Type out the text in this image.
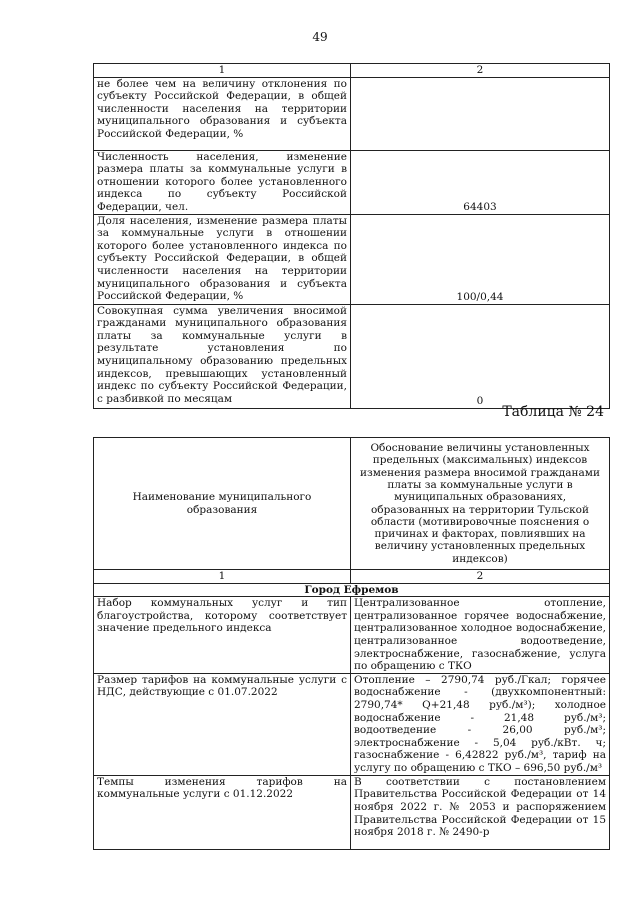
49
1	2
не более чем на величину отклонения по субъекту Российской Федерации, в общей численности населения на территории муниципального образования и субъекта Российской Федерации, %	
Численность населения, изменение размера платы за коммунальные услуги в отношении которого более установленного индекса по субъекту Российской Федерации, чел.	64403
Доля населения, изменение размера платы за коммунальные услуги в отношении которого более установленного индекса по субъекту Российской Федерации, в общей численности населения на территории муниципального образования и субъекта Российской Федерации, %	100/0,44
Совокупная сумма увеличения вносимой гражданами муниципального образования платы за коммунальные услуги в результате установления по муниципальному образованию предельных индексов, превышающих установленный индекс по субъекту Российской Федерации, с разбивкой по месяцам	0
Таблица № 24
Наименование муниципального образования	Обоснование величины установленных предельных (максимальных) индексов изменения размера вносимой гражданами платы за коммунальные услуги в муниципальных образованиях, образованных на территории Тульской области (мотивировочные пояснения о причинах и факторах, повлиявших на величину установленных предельных индексов)
1	2
Город Ефремов	
Набор коммунальных услуг и тип благоустройства, которому соответствует значение предельного индекса	Централизованное отопление, централизованное горячее водоснабжение, централизованное холодное водоснабжение, централизованное водоотведение, электроснабжение, газоснабжение, услуга по обращению с ТКО
Размер тарифов на коммунальные услуги с НДС, действующие с 01.07.2022	Отопление – 2790,74 руб./Гкал; горячее водоснабжение - (двухкомпонентный: 2790,74* Q+21,48 руб./м³); холодное водоснабжение - 21,48 руб./м³; водоотведение - 26,00 руб./м³; электроснабжение - 5,04 руб./кВт. ч; газоснабжение - 6,42822 руб./м³, тариф на услугу по обращению с ТКО – 696,50 руб./м³
Темпы изменения тарифов на коммунальные услуги с 01.12.2022	В соответствии с постановлением Правительства Российской Федерации от 14 ноября 2022 г. № 2053 и распоряжением Правительства Российской Федерации от 15 ноября 2018 г. № 2490-р
